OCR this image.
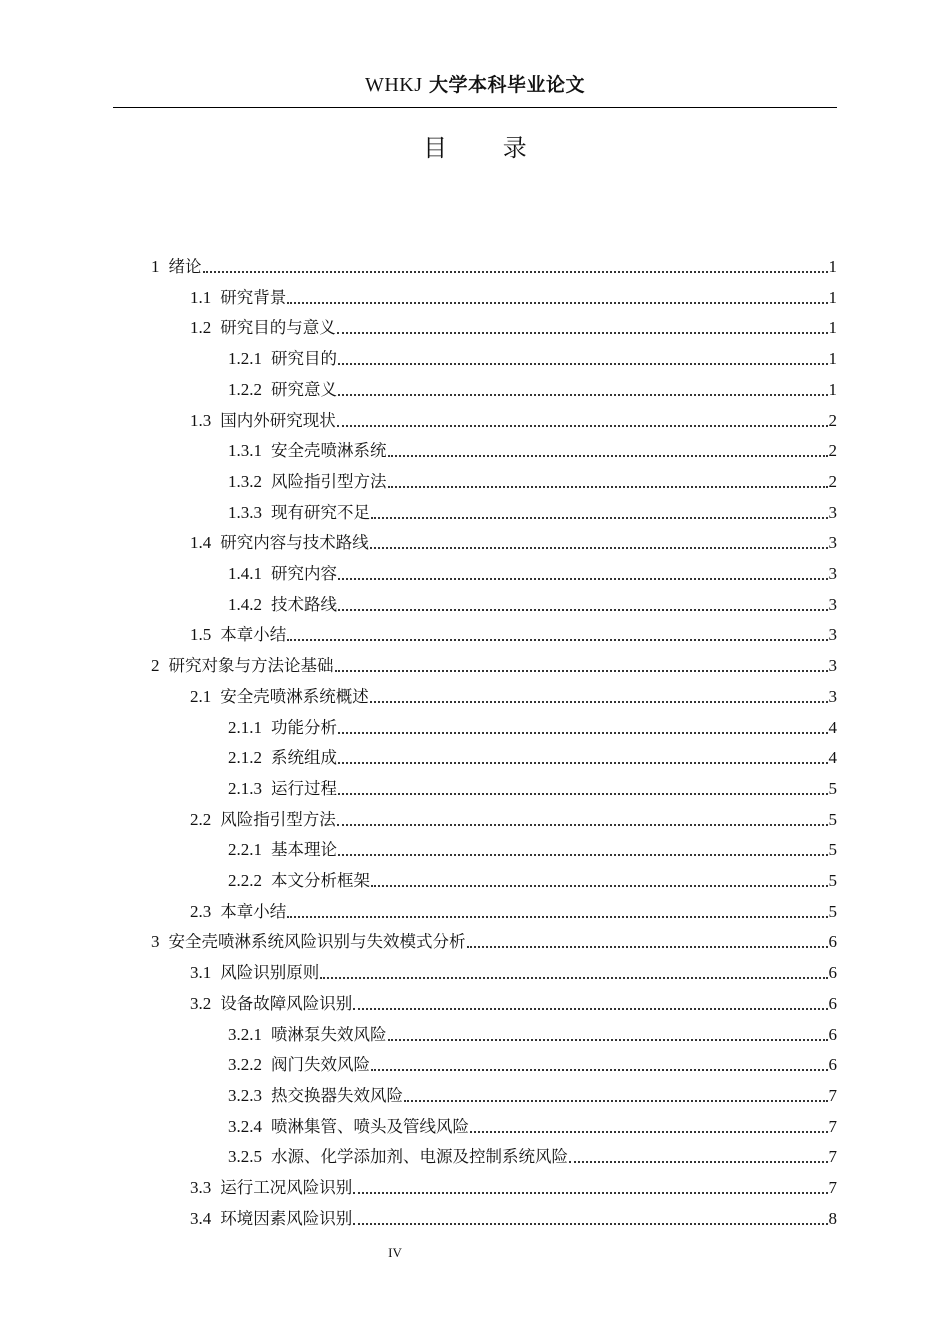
WHKJ 大学本科毕业论文
目 录
1 绪论	1
1.1 研究背景	1
1.2 研究目的与意义	1
1.2.1 研究目的	1
1.2.2 研究意义	1
1.3 国内外研究现状	2
1.3.1 安全壳喷淋系统	2
1.3.2 风险指引型方法	2
1.3.3 现有研究不足	3
1.4 研究内容与技术路线	3
1.4.1 研究内容	3
1.4.2 技术路线	3
1.5 本章小结	3
2 研究对象与方法论基础	3
2.1 安全壳喷淋系统概述	3
2.1.1 功能分析	4
2.1.2 系统组成	4
2.1.3 运行过程	5
2.2 风险指引型方法	5
2.2.1 基本理论	5
2.2.2 本文分析框架	5
2.3 本章小结	5
3 安全壳喷淋系统风险识别与失效模式分析	6
3.1 风险识别原则	6
3.2 设备故障风险识别	6
3.2.1 喷淋泵失效风险	6
3.2.2 阀门失效风险	6
3.2.3 热交换器失效风险	7
3.2.4 喷淋集管、喷头及管线风险	7
3.2.5 水源、化学添加剂、电源及控制系统风险	7
3.3 运行工况风险识别	7
3.4 环境因素风险识别	8
IV
